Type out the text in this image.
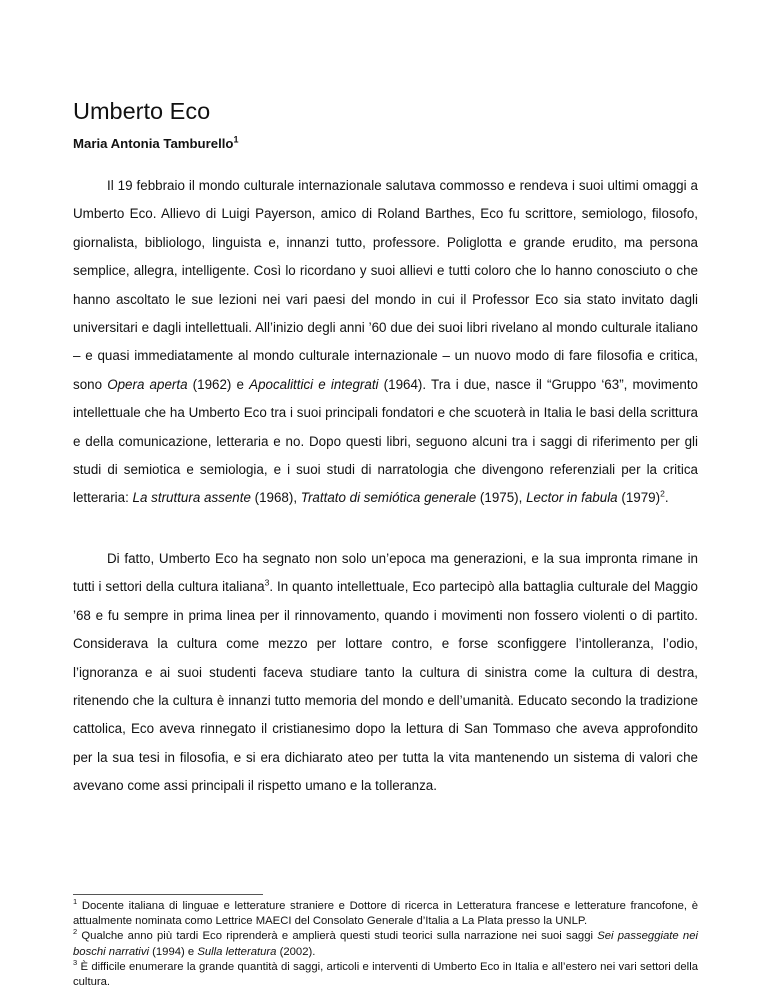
Umberto Eco
Maria Antonia Tamburello$^1$

Il 19 febbraio il mondo culturale internazionale salutava commosso e rendeva i suoi ultimi omaggi a Umberto Eco. Allievo di Luigi Payerson, amico di Roland Barthes, Eco fu scrittore, semiologo, filosofo, giornalista, bibliologo, linguista e, innanzi tutto, professore. Poliglotta e grande erudito, ma persona semplice, allegra, intelligente. Così lo ricordano y suoi allievi e tutti coloro che lo hanno conosciuto o che hanno ascoltato le sue lezioni nei vari paesi del mondo in cui il Professor Eco sia stato invitato dagli universitari e dagli intellettuali. All’inizio degli anni ’60 due dei suoi libri rivelano al mondo culturale italiano – e quasi immediatamente al mondo culturale internazionale – un nuovo modo di fare filosofia e critica, sono Opera aperta (1962) e Apocalittici e integrati (1964). Tra i due, nasce il “Gruppo ‘63”, movimento intellettuale che ha Umberto Eco tra i suoi principali fondatori e che scuoterà in Italia le basi della scrittura e della comunicazione, letteraria e no. Dopo questi libri, seguono alcuni tra i saggi di riferimento per gli studi di semiotica e semiologia, e i suoi studi di narratologia che divengono referenziali per la critica letteraria: La struttura assente (1968), Trattato di semiótica generale (1975), Lector in fabula $(1979)^2$.

Di fatto, Umberto Eco ha segnato non solo un’epoca ma generazioni, e la sua impronta rimane in tutti i settori della cultura italiana$^3$. In quanto intellettuale, Eco partecipò alla battaglia culturale del Maggio ’68 e fu sempre in prima linea per il rinnovamento, quando i movimenti non fossero violenti o di partito. Considerava la cultura come mezzo per lottare contro, e forse sconfiggere l’intolleranza, l’odio, l’ignoranza e ai suoi studenti faceva studiare tanto la cultura di sinistra come la cultura di destra, ritenendo che la cultura è innanzi tutto memoria del mondo e dell’umanità. Educato secondo la tradizione cattolica, Eco aveva rinnegato il cristianesimo dopo la lettura di San Tommaso che aveva approfondito per la sua tesi in filosofia, e si era dichiarato ateo per tutta la vita mantenendo un sistema di valori che avevano come assi principali il rispetto umano e la tolleranza.

$^1$ Docente italiana di linguae e letterature straniere e Dottore di ricerca in Letteratura francese e letterature francofone, è attualmente nominata como Lettrice MAECI del Consolato Generale d’Italia a La Plata presso la UNLP.

$^2$ Qualche anno più tardi Eco riprenderà e amplierà questi studi teorici sulla narrazione nei suoi saggi Sei passeggiate nei boschi narrativi (1994) e Sulla letteratura (2002).

$^3$ È difficile enumerare la grande quantità di saggi, articoli e interventi di Umberto Eco in Italia e all’estero nei vari settori della cultura.
